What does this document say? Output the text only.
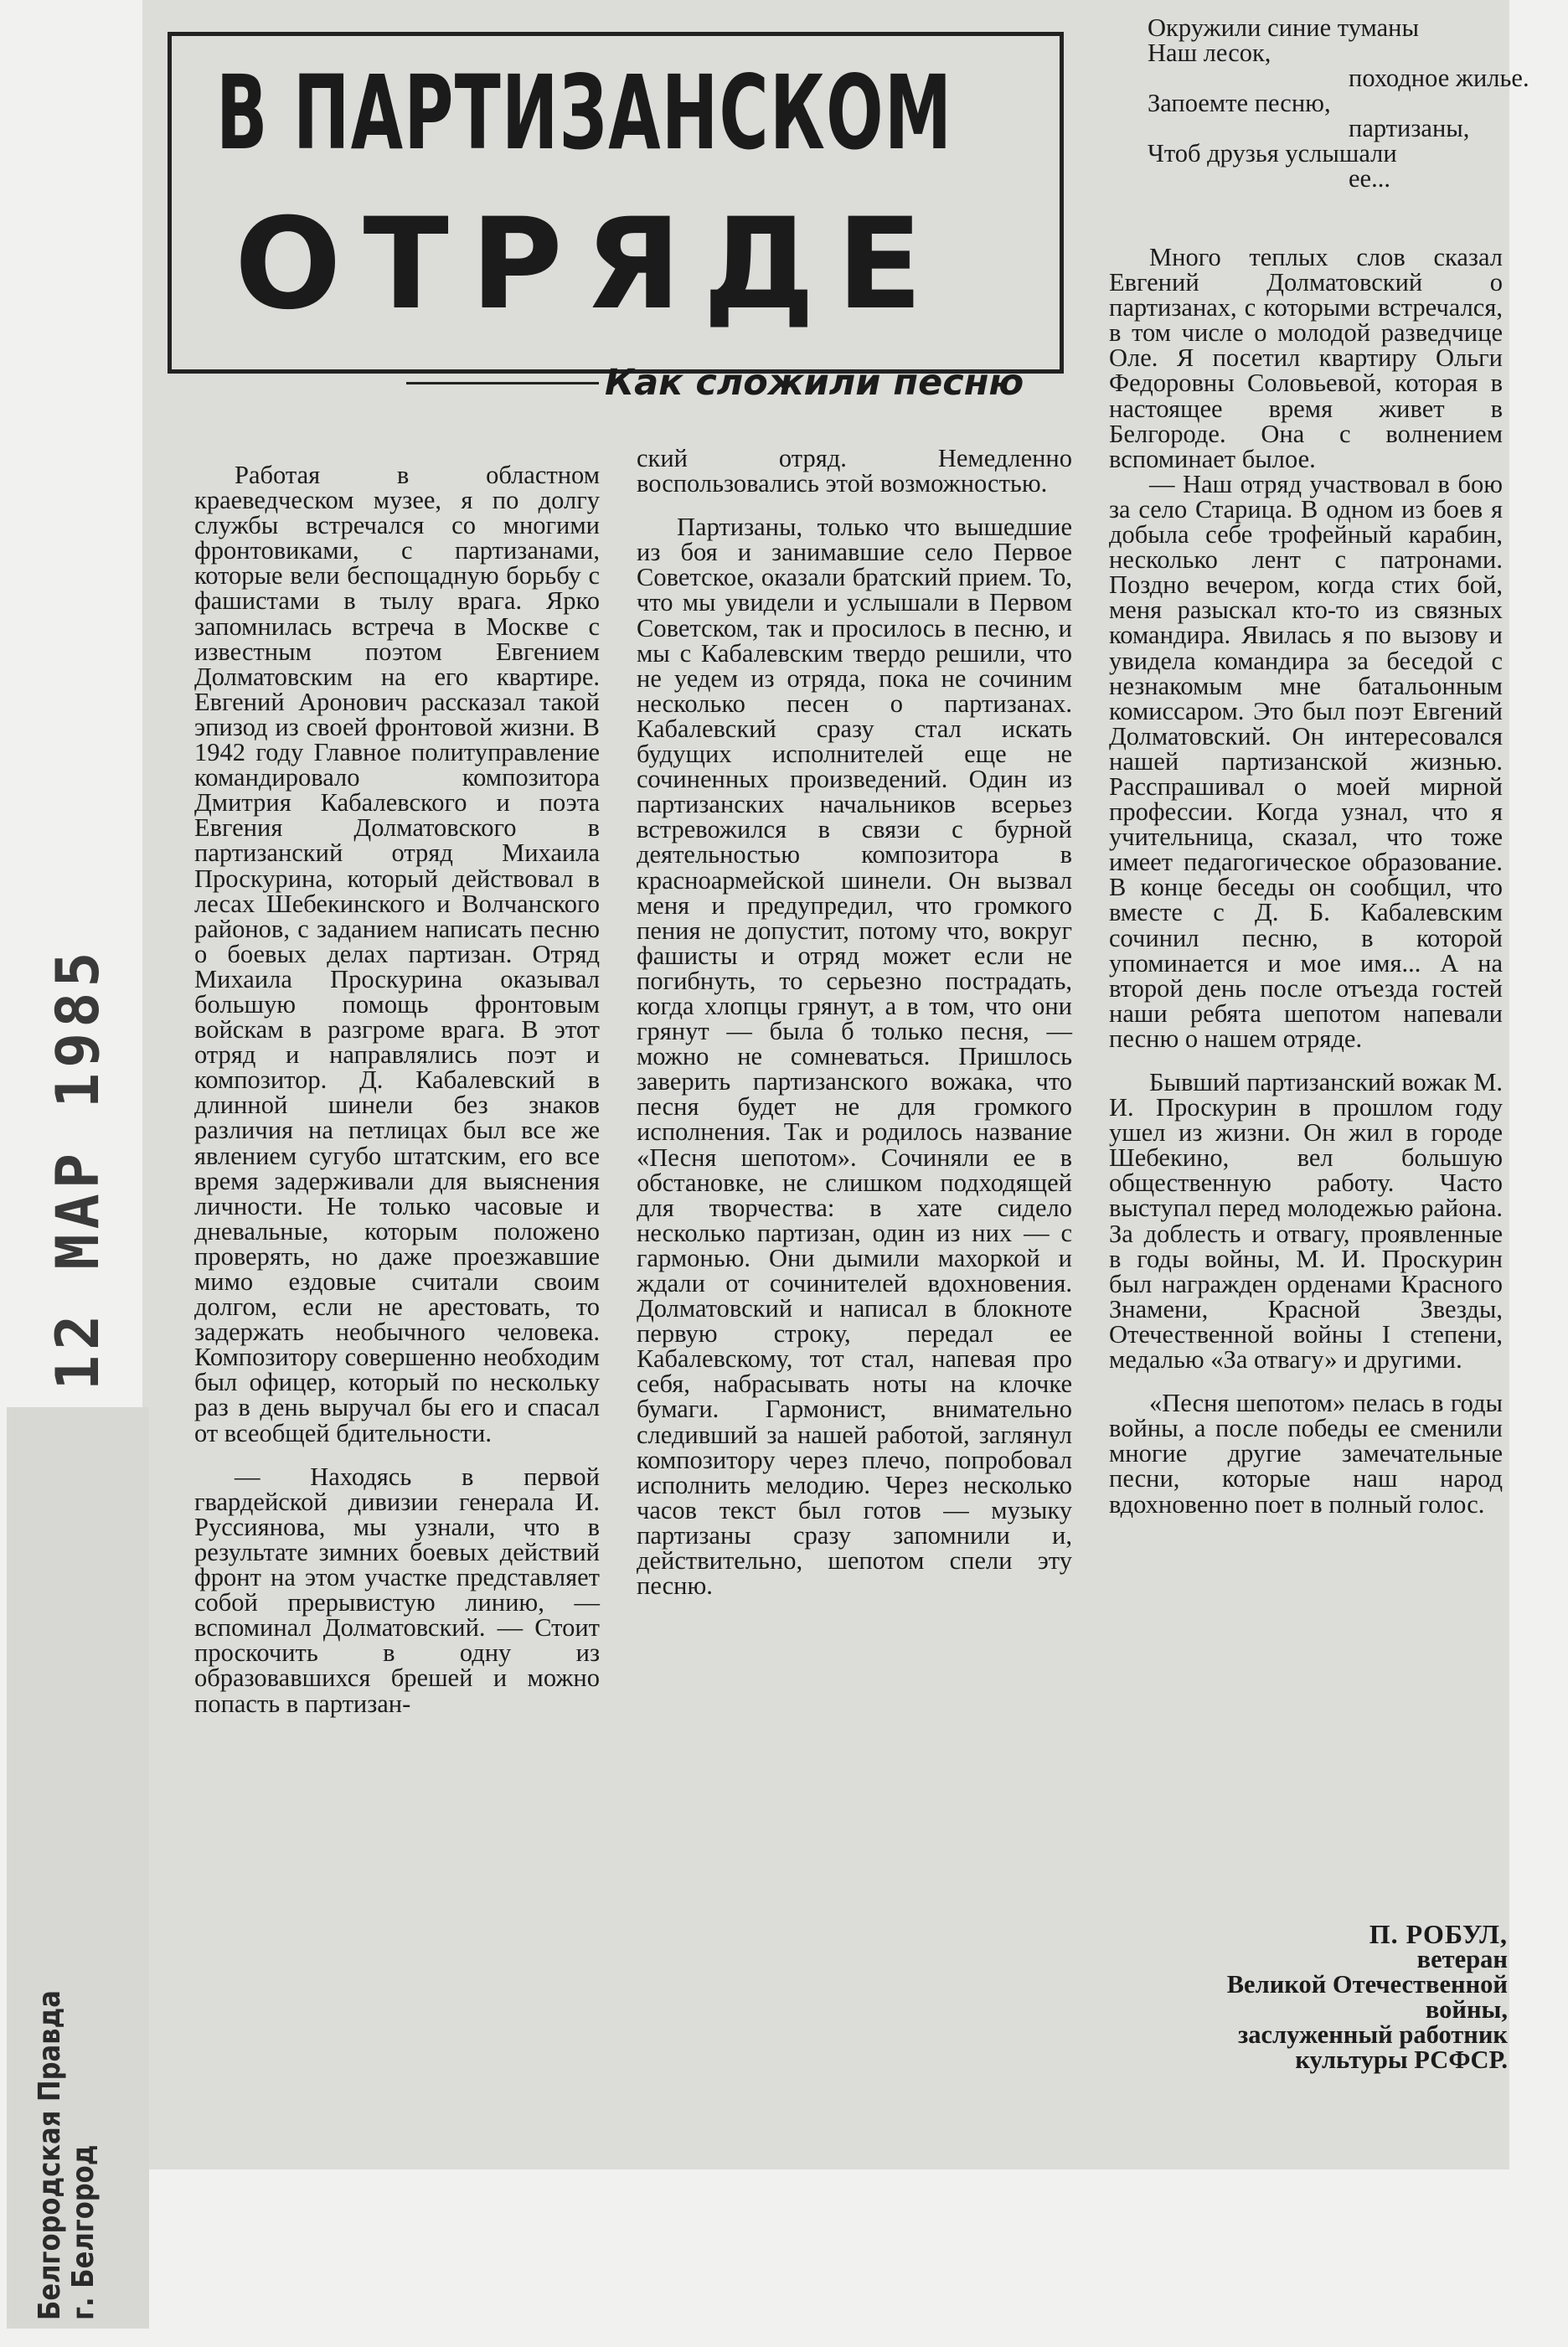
В ПАРТИЗАНСКОМ
ОТРЯДЕ
Как сложили песню
Окружили синие туманы
Наш лесок,
походное жилье.
Запоемте песню,
партизаны,
Чтоб друзья услышали
ее...

Работая в областном краеведческом музее, я по долгу службы встречался со многими фронтовиками, с партизанами, которые вели беспощадную борьбу с фашистами в тылу врага. Ярко запомнилась встреча в Москве с известным поэтом Евгением Долматовским на его квартире. Евгений Аронович рассказал такой эпизод из своей фронтовой жизни. В 1942 году Главное политуправление командировало композитора Дмитрия Кабалевского и поэта Евгения Долматовского в партизанский отряд Михаила Проскурина, который действовал в лесах Шебекинского и Волчанского районов, с заданием написать песню о боевых делах партизан. Отряд Михаила Проскурина оказывал большую помощь фронтовым войскам в разгроме врага. В этот отряд и направлялись поэт и композитор. Д. Кабалевский в длинной шинели без знаков различия на петлицах был все же явлением сугубо штатским, его все время задерживали для выяснения личности. Не только часовые и дневальные, которым положено проверять, но даже проезжавшие мимо ездовые считали своим долгом, если не арестовать, то задержать необычного человека. Композитору совершенно необходим был офицер, который по нескольку раз в день выручал бы его и спасал от всеобщей бдительности.

— Находясь в первой гвардейской дивизии генерала И. Руссиянова, мы узнали, что в результате зимних боевых действий фронт на этом участке представляет собой прерывистую линию, — вспоминал Долматовский. — Стоит проскочить в одну из образовавшихся брешей и можно попасть в партизан-

ский отряд. Немедленно воспользовались этой возможностью.

Партизаны, только что вышедшие из боя и занимавшие село Первое Советское, оказали братский прием. То, что мы увидели и услышали в Первом Советском, так и просилось в песню, и мы с Кабалевским твердо решили, что не уедем из отряда, пока не сочиним несколько песен о партизанах. Кабалевский сразу стал искать будущих исполнителей еще не сочиненных произведений. Один из партизанских начальников всерьез встревожился в связи с бурной деятельностью композитора в красноармейской шинели. Он вызвал меня и предупредил, что громкого пения не допустит, потому что, вокруг фашисты и отряд может если не погибнуть, то серьезно пострадать, когда хлопцы грянут, а в том, что они грянут — была б только песня, — можно не сомневаться. Пришлось заверить партизанского вожака, что песня будет не для громкого исполнения. Так и родилось название «Песня шепотом». Сочиняли ее в обстановке, не слишком подходящей для творчества: в хате сидело несколько партизан, один из них — с гармонью. Они дымили махоркой и ждали от сочинителей вдохновения. Долматовский и написал в блокноте первую строку, передал ее Кабалевскому, тот стал, напевая про себя, набрасывать ноты на клочке бумаги. Гармонист, внимательно следивший за нашей работой, заглянул композитору через плечо, попробовал исполнить мелодию. Через несколько часов текст был готов — музыку партизаны сразу запомнили и, действительно, шепотом спели эту песню.

Много теплых слов сказал Евгений Долматовский о партизанах, с которыми встречался, в том числе о молодой разведчице Оле. Я посетил квартиру Ольги Федоровны Соловьевой, которая в настоящее время живет в Белгороде. Она с волнением вспоминает былое.

— Наш отряд участвовал в бою за село Старица. В одном из боев я добыла себе трофейный карабин, несколько лент с патронами. Поздно вечером, когда стих бой, меня разыскал кто-то из связных командира. Явилась я по вызову и увидела командира за беседой с незнакомым мне батальонным комиссаром. Это был поэт Евгений Долматовский. Он интересовался нашей партизанской жизнью. Расспрашивал о моей мирной профессии. Когда узнал, что я учительница, сказал, что тоже имеет педагогическое образование. В конце беседы он сообщил, что вместе с Д. Б. Кабалевским сочинил песню, в которой упоминается и мое имя... А на второй день после отъезда гостей наши ребята шепотом напевали песню о нашем отряде.

Бывший партизанский вожак М. И. Проскурин в прошлом году ушел из жизни. Он жил в городе Шебекино, вел большую общественную работу. Часто выступал перед молодежью района. За доблесть и отвагу, проявленные в годы войны, М. И. Проскурин был награжден орденами Красного Знамени, Красной Звезды, Отечественной войны I степени, медалью «За отвагу» и другими.

«Песня шепотом» пелась в годы войны, а после победы ее сменили многие другие замечательные песни, которые наш народ вдохновенно поет в полный голос.

П. РОБУЛ,
ветеран
Великой Отечественной
войны,
заслуженный работник
культуры РСФСР.
12 МАР 1985
Белгородская Правда г. Белгород
